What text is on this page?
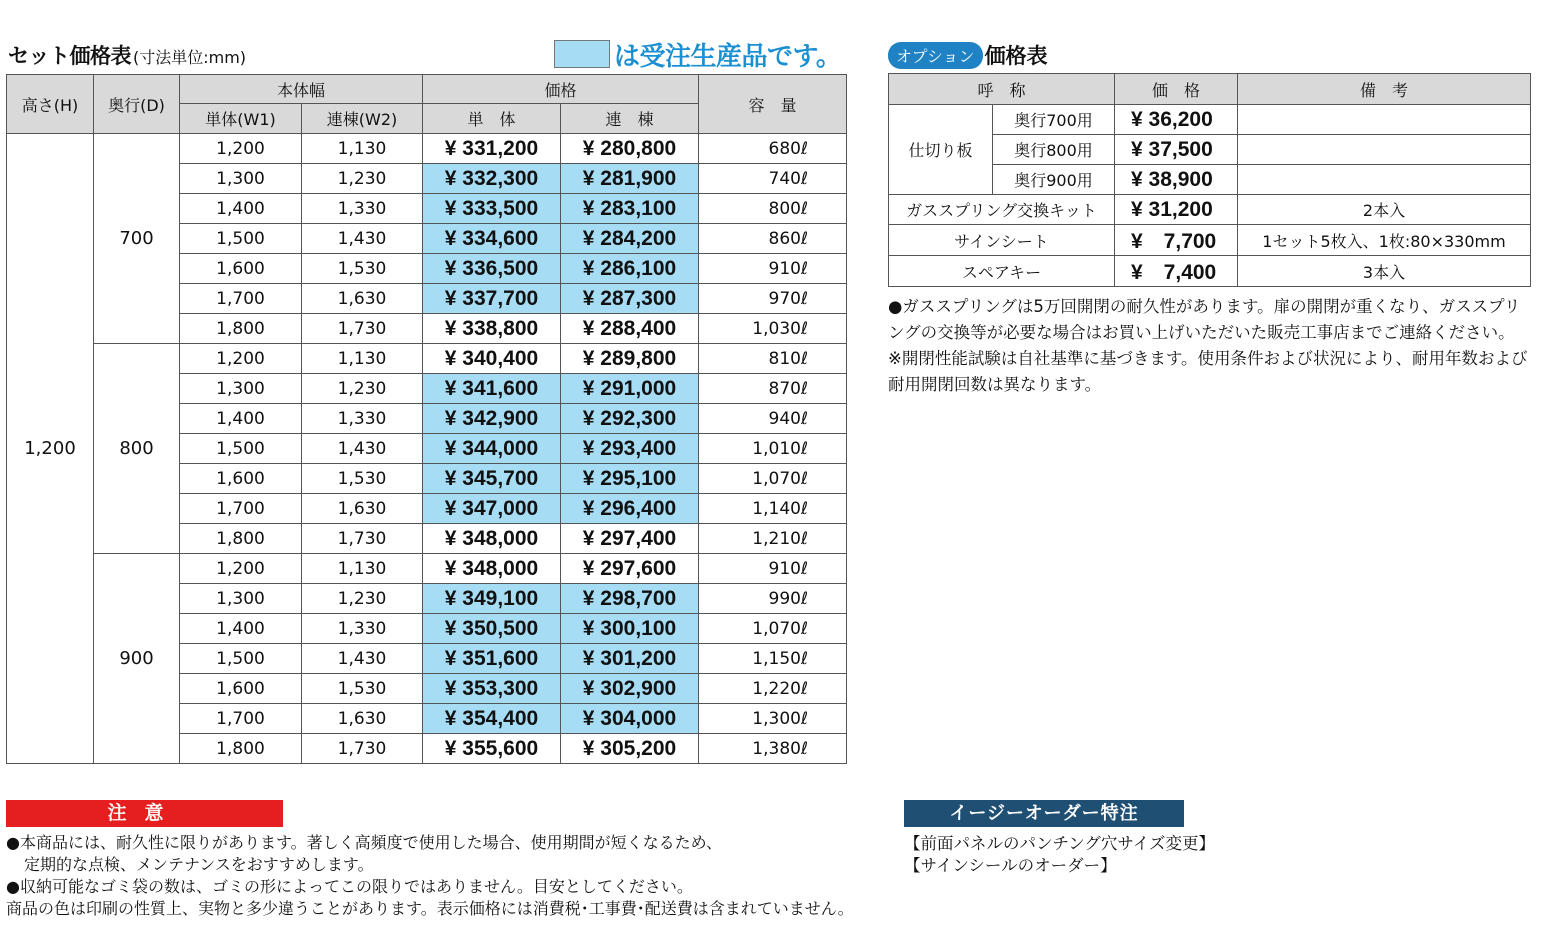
セット価格表 (寸法単位:mm)	は受注生産品です。
高さ(H)	奥行(D)	本体幅		価格		容　量
		単体(W1)	連棟(W2)	単　体	連　棟	
1,200	700	1,200	1,130	¥ 331,200	¥ 280,800	680ℓ
		1,300	1,230	¥ 332,300	¥ 281,900	740ℓ
		1,400	1,330	¥ 333,500	¥ 283,100	800ℓ
		1,500	1,430	¥ 334,600	¥ 284,200	860ℓ
		1,600	1,530	¥ 336,500	¥ 286,100	910ℓ
		1,700	1,630	¥ 337,700	¥ 287,300	970ℓ
		1,800	1,730	¥ 338,800	¥ 288,400	1,030ℓ
	800	1,200	1,130	¥ 340,400	¥ 289,800	810ℓ
		1,300	1,230	¥ 341,600	¥ 291,000	870ℓ
		1,400	1,330	¥ 342,900	¥ 292,300	940ℓ
		1,500	1,430	¥ 344,000	¥ 293,400	1,010ℓ
		1,600	1,530	¥ 345,700	¥ 295,100	1,070ℓ
		1,700	1,630	¥ 347,000	¥ 296,400	1,140ℓ
		1,800	1,730	¥ 348,000	¥ 297,400	1,210ℓ
	900	1,200	1,130	¥ 348,000	¥ 297,600	910ℓ
		1,300	1,230	¥ 349,100	¥ 298,700	990ℓ
		1,400	1,330	¥ 350,500	¥ 300,100	1,070ℓ
		1,500	1,430	¥ 351,600	¥ 301,200	1,150ℓ
		1,600	1,530	¥ 353,300	¥ 302,900	1,220ℓ
		1,700	1,630	¥ 354,400	¥ 304,000	1,300ℓ
		1,800	1,730	¥ 355,600	¥ 305,200	1,380ℓ
オプション 価格表
呼　称		価　格	備　考
仕切り板	奥行700用	¥ 36,200	
	奥行800用	¥ 37,500	
	奥行900用	¥ 38,900	
ガススプリング交換キット		¥ 31,200	2本入
サインシート		¥　7,700	1セット5枚入、1枚:80×330mm
スペアキー		¥　7,400	3本入

●ガススプリングは5万回開閉の耐久性があります。扉の開閉が重くなり、ガススプリングの交換等が必要な場合はお買い上げいただいた販売工事店までご連絡ください。

※開閉性能試験は自社基準に基づきます。使用条件および状況により、耐用年数および耐用開閉回数は異なります。

注意

●本商品には、耐久性に限りがあります。著しく高頻度で使用した場合、使用期間が短くなるため、

定期的な点検、メンテナンスをおすすめします。

●収納可能なゴミ袋の数は、ゴミの形によってこの限りではありません。目安としてください。

商品の色は印刷の性質上、実物と多少違うことがあります。表示価格には消費税･工事費･配送費は含まれていません。

イージーオーダー特注

【前面パネルのパンチング穴サイズ変更】

【サインシールのオーダー】
